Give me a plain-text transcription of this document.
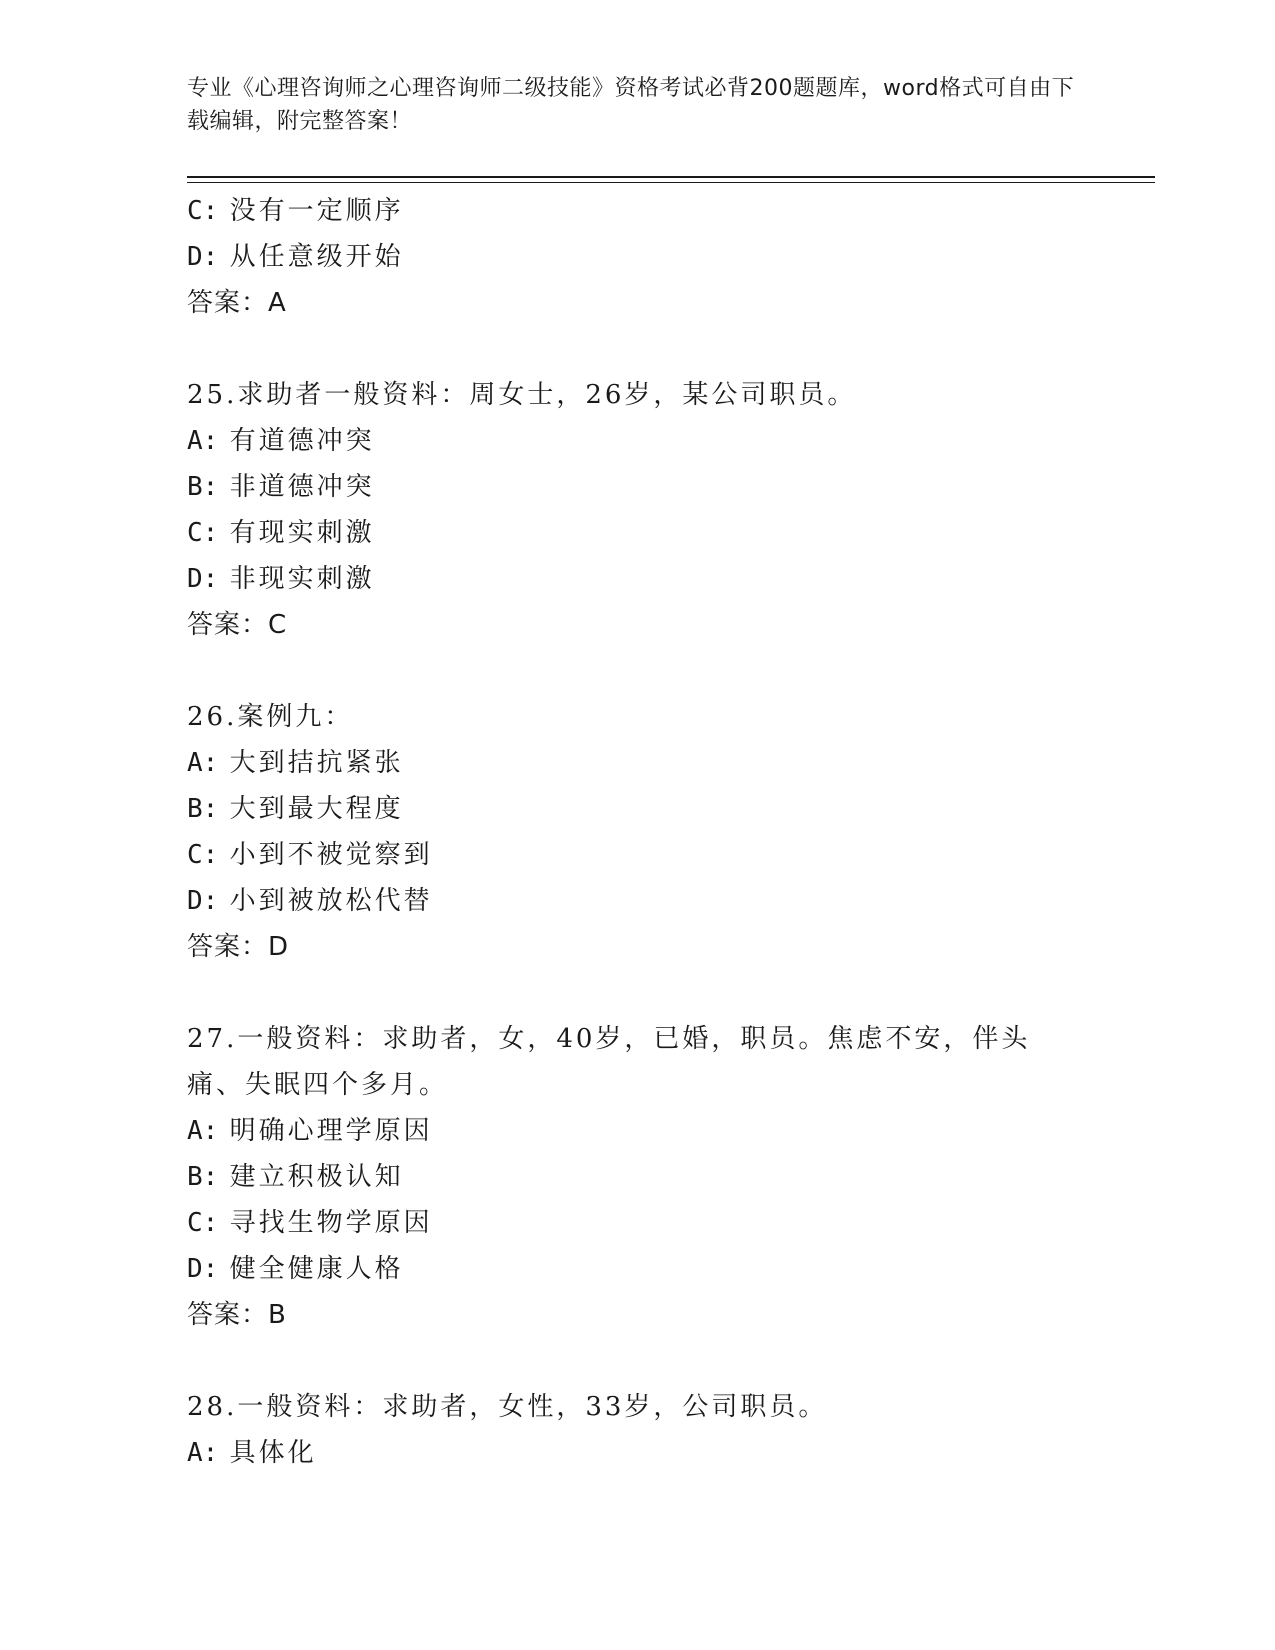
专业《心理咨询师之心理咨询师二级技能》资格考试必背200题题库，word格式可自由下载编辑，附完整答案！
C: 没有一定顺序
D: 从任意级开始
答案：A
25.求助者一般资料：周女士，26岁，某公司职员。
A: 有道德冲突
B: 非道德冲突
C: 有现实刺激
D: 非现实刺激
答案：C
26.案例九：
A: 大到拮抗紧张
B: 大到最大程度
C: 小到不被觉察到
D: 小到被放松代替
答案：D
27.一般资料：求助者，女，40岁，已婚，职员。焦虑不安，伴头痛、失眠四个多月。
A: 明确心理学原因
B: 建立积极认知
C: 寻找生物学原因
D: 健全健康人格
答案：B
28.一般资料：求助者，女性，33岁，公司职员。
A: 具体化
